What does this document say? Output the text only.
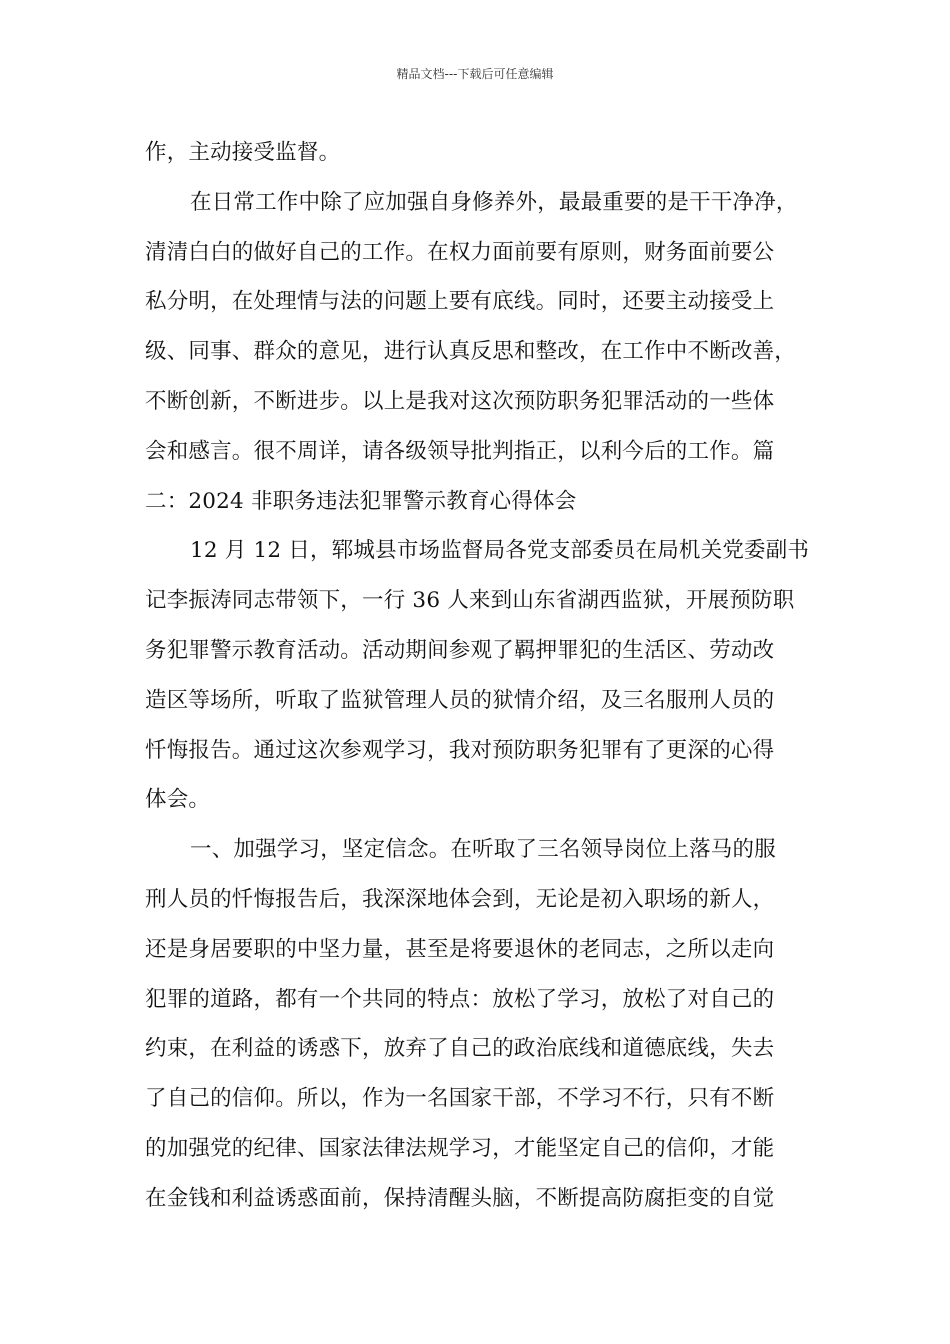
精品文档---下载后可任意编辑
作，主动接受监督。
在日常工作中除了应加强自身修养外，最最重要的是干干净净，
清清白白的做好自己的工作。在权力面前要有原则，财务面前要公
私分明，在处理情与法的问题上要有底线。同时，还要主动接受上
级、同事、群众的意见，进行认真反思和整改，在工作中不断改善，
不断创新，不断进步。以上是我对这次预防职务犯罪活动的一些体
会和感言。很不周详，请各级领导批判指正，以利今后的工作。篇
二：2024 非职务违法犯罪警示教育心得体会
12 月 12 日，郓城县市场监督局各党支部委员在局机关党委副书
记李振涛同志带领下，一行 36 人来到山东省湖西监狱，开展预防职
务犯罪警示教育活动。活动期间参观了羁押罪犯的生活区、劳动改
造区等场所，听取了监狱管理人员的狱情介绍，及三名服刑人员的
忏悔报告。通过这次参观学习，我对预防职务犯罪有了更深的心得
体会。
一、加强学习，坚定信念。在听取了三名领导岗位上落马的服
刑人员的忏悔报告后，我深深地体会到，无论是初入职场的新人，
还是身居要职的中坚力量，甚至是将要退休的老同志，之所以走向
犯罪的道路，都有一个共同的特点：放松了学习，放松了对自己的
约束，在利益的诱惑下，放弃了自己的政治底线和道德底线，失去
了自己的信仰。所以，作为一名国家干部，不学习不行，只有不断
的加强党的纪律、国家法律法规学习，才能坚定自己的信仰，才能
在金钱和利益诱惑面前，保持清醒头脑，不断提高防腐拒变的自觉
